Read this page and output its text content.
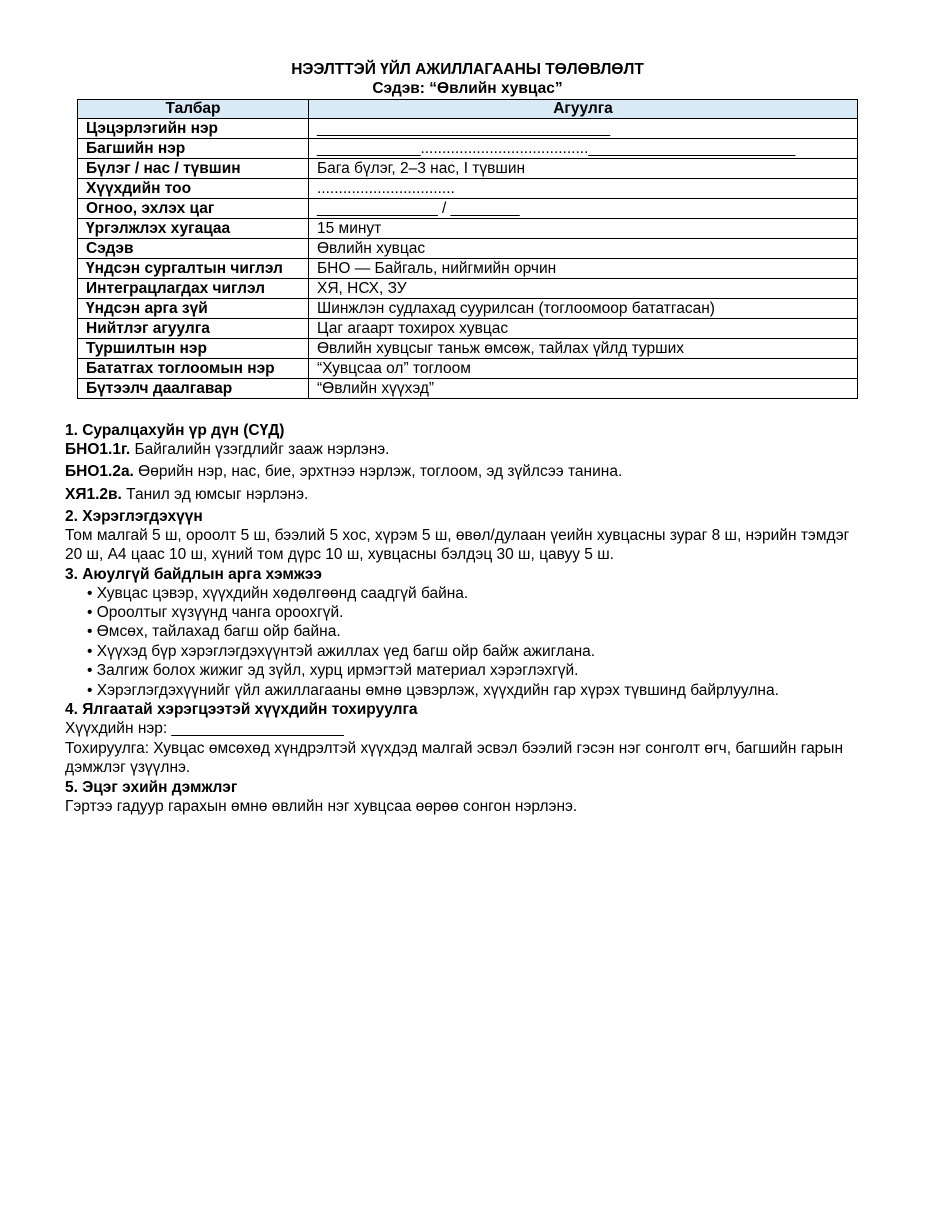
НЭЭЛТТЭЙ ҮЙЛ АЖИЛЛАГААНЫ ТӨЛӨВЛӨЛТ
Сэдэв: “Өвлийн хувцас”
Талбар	Агуулга
Цэцэрлэгийн нэр	__________________________________
Багшийн нэр	____________.......................................________________________
Бүлэг / нас / түвшин	Бага бүлэг, 2–3 нас, I түвшин
Хүүхдийн тоо	................................
Огноо, эхлэх цаг	______________ / ________
Үргэлжлэх хугацаа	15 минут
Сэдэв	Өвлийн хувцас
Үндсэн сургалтын чиглэл	БНО — Байгаль, нийгмийн орчин
Интеграцлагдах чиглэл	ХЯ, НСХ, ЗУ
Үндсэн арга зүй	Шинжлэн судлахад суурилсан (тоглоомоор бататгасан)
Нийтлэг агуулга	Цаг агаарт тохирох хувцас
Туршилтын нэр	Өвлийн хувцсыг таньж өмсөж, тайлах үйлд турших
Бататгах тоглоомын нэр	“Хувцсаа ол” тоглоом
Бүтээлч даалгавар	“Өвлийн хүүхэд”
1. Суралцахуйн үр дүн (СҮД)
БНО1.1г. Байгалийн үзэгдлийг зааж нэрлэнэ.
БНО1.2а. Өөрийн нэр, нас, бие, эрхтнээ нэрлэж, тоглоом, эд зүйлсээ танина.
ХЯ1.2в. Танил эд юмсыг нэрлэнэ.
2. Хэрэглэгдэхүүн
Том малгай 5 ш, ороолт 5 ш, бээлий 5 хос, хүрэм 5 ш, өвөл/дулаан үеийн хувцасны зураг 8 ш, нэрийн тэмдэг 20 ш, А4 цаас 10 ш, хүний том дүрс 10 ш, хувцасны бэлдэц 30 ш, цавуу 5 ш.
3. Аюулгүй байдлын арга хэмжээ
• Хувцас цэвэр, хүүхдийн хөдөлгөөнд саадгүй байна.
• Ороолтыг хүзүүнд чанга ороохгүй.
• Өмсөх, тайлахад багш ойр байна.
• Хүүхэд бүр хэрэглэгдэхүүнтэй ажиллах үед багш ойр байж ажиглана.
• Залгиж болох жижиг эд зүйл, хурц ирмэгтэй материал хэрэглэхгүй.
• Хэрэглэгдэхүүнийг үйл ажиллагааны өмнө цэвэрлэж, хүүхдийн гар хүрэх түвшинд байрлуулна.
4. Ялгаатай хэрэгцээтэй хүүхдийн тохируулга
Хүүхдийн нэр: ____________________
Тохируулга: Хувцас өмсөхөд хүндрэлтэй хүүхдэд малгай эсвэл бээлий гэсэн нэг сонголт өгч, багшийн гарын дэмжлэг үзүүлнэ.
5. Эцэг эхийн дэмжлэг
Гэртээ гадуур гарахын өмнө өвлийн нэг хувцсаа өөрөө сонгон нэрлэнэ.
